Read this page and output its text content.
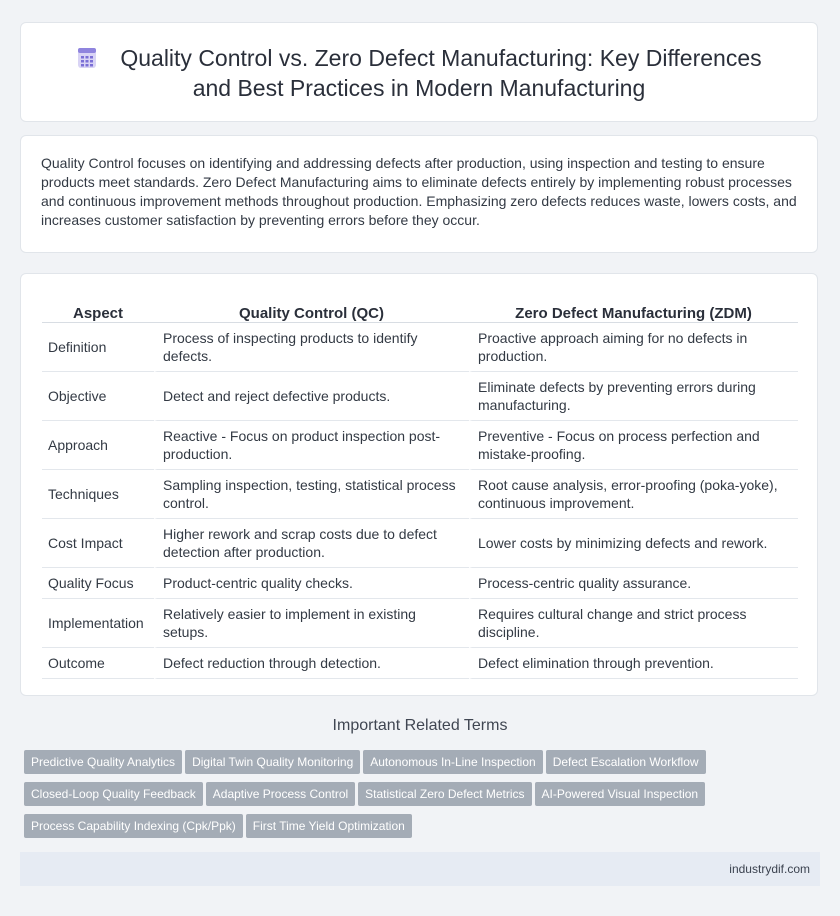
Quality Control vs. Zero Defect Manufacturing: Key Differences
and Best Practices in Modern Manufacturing
Quality Control focuses on identifying and addressing defects after production, using inspection and testing to ensure products meet standards. Zero Defect Manufacturing aims to eliminate defects entirely by implementing robust processes and continuous improvement methods throughout production. Emphasizing zero defects reduces waste, lowers costs, and increases customer satisfaction by preventing errors before they occur.
Aspect	Quality Control (QC)	Zero Defect Manufacturing (ZDM)
Definition	Process of inspecting products to identify defects.	Proactive approach aiming for no defects in production.
Objective	Detect and reject defective products.	Eliminate defects by preventing errors during manufacturing.
Approach	Reactive - Focus on product inspection post-production.	Preventive - Focus on process perfection and mistake-proofing.
Techniques	Sampling inspection, testing, statistical process control.	Root cause analysis, error-proofing (poka-yoke), continuous improvement.
Cost Impact	Higher rework and scrap costs due to defect detection after production.	Lower costs by minimizing defects and rework.
Quality Focus	Product-centric quality checks.	Process-centric quality assurance.
Implementation	Relatively easier to implement in existing setups.	Requires cultural change and strict process discipline.
Outcome	Defect reduction through detection.	Defect elimination through prevention.
Important Related Terms
Predictive Quality Analytics Digital Twin Quality Monitoring Autonomous In-Line Inspection Defect Escalation Workflow
Closed-Loop Quality Feedback Adaptive Process Control Statistical Zero Defect Metrics AI-Powered Visual Inspection
Process Capability Indexing (Cpk/Ppk) First Time Yield Optimization
industrydif.com
